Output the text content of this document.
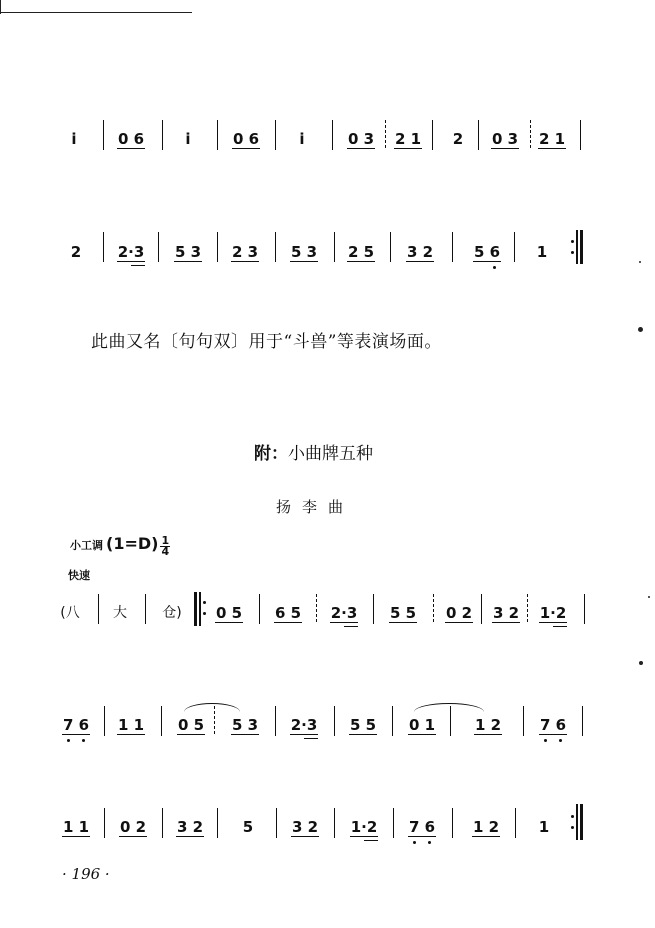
i	0 6	i	0 6	i	0 3 2 1 2 0 3 2 1
2 2·3 5 3 2 3 5 3 2 5 3 2	5 6 1
此曲又名〔句句双〕用于“斗兽”等表演场面。
附：小曲牌五种
扬李曲
小工调 $(1=D) \frac{1}{4}$
快速
(八 大	仓) 0 5 6 5 2·3 5 5 0 2 3 2 1·2
7 6 1 1 0 5 5 3 2·3 5 5 0 1	1 2	7 6
1 1 0 2 3 2	5	3 2 1·2 7 6	1 2	1
· 196 ·
